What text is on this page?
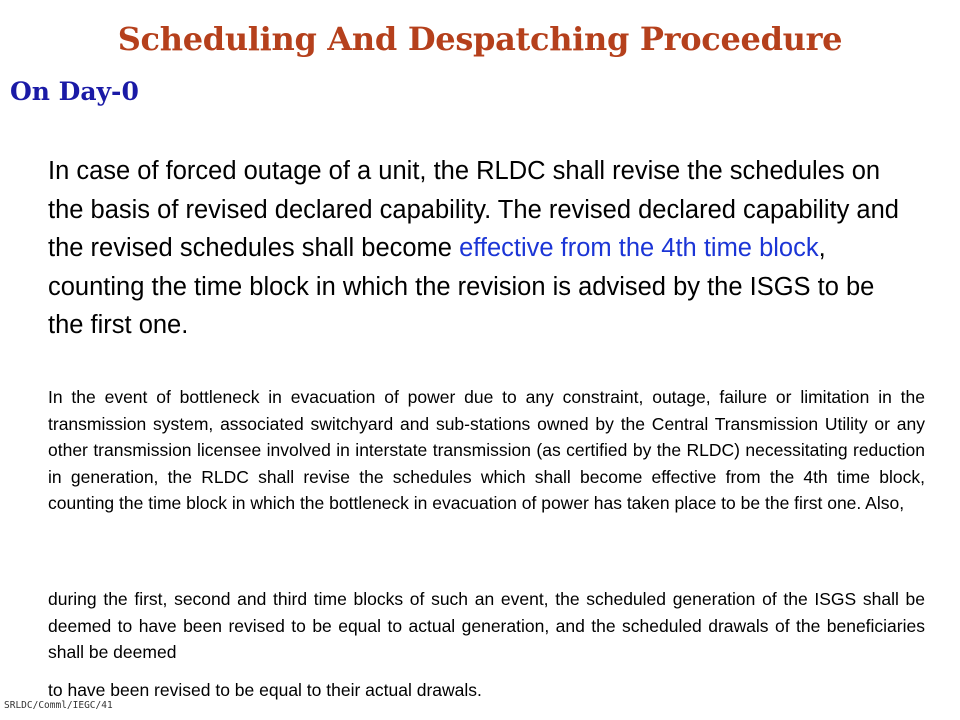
Scheduling And Despatching Proceedure
On Day-0

In case of forced outage of a unit, the RLDC shall revise the schedules on the basis of revised declared capability. The revised declared capability and the revised schedules shall become effective from the 4th time block, counting the time block in which the revision is advised by the ISGS to be the first one.

In the event of bottleneck in evacuation of power due to any constraint, outage, failure or limitation in the transmission system, associated switchyard and sub-stations owned by the Central Transmission Utility or any other transmission licensee involved in interstate transmission (as certified by the RLDC) necessitating reduction in generation, the RLDC shall revise the schedules which shall become effective from the 4th time block, counting the time block in which the bottleneck in evacuation of power has taken place to be the first one. Also,

during the first, second and third time blocks of such an event, the scheduled generation of the ISGS shall be deemed to have been revised to be equal to actual generation, and the scheduled drawals of the beneficiaries shall be deemed

to have been revised to be equal to their actual drawals.

SRLDC/Comml/IEGC/41
